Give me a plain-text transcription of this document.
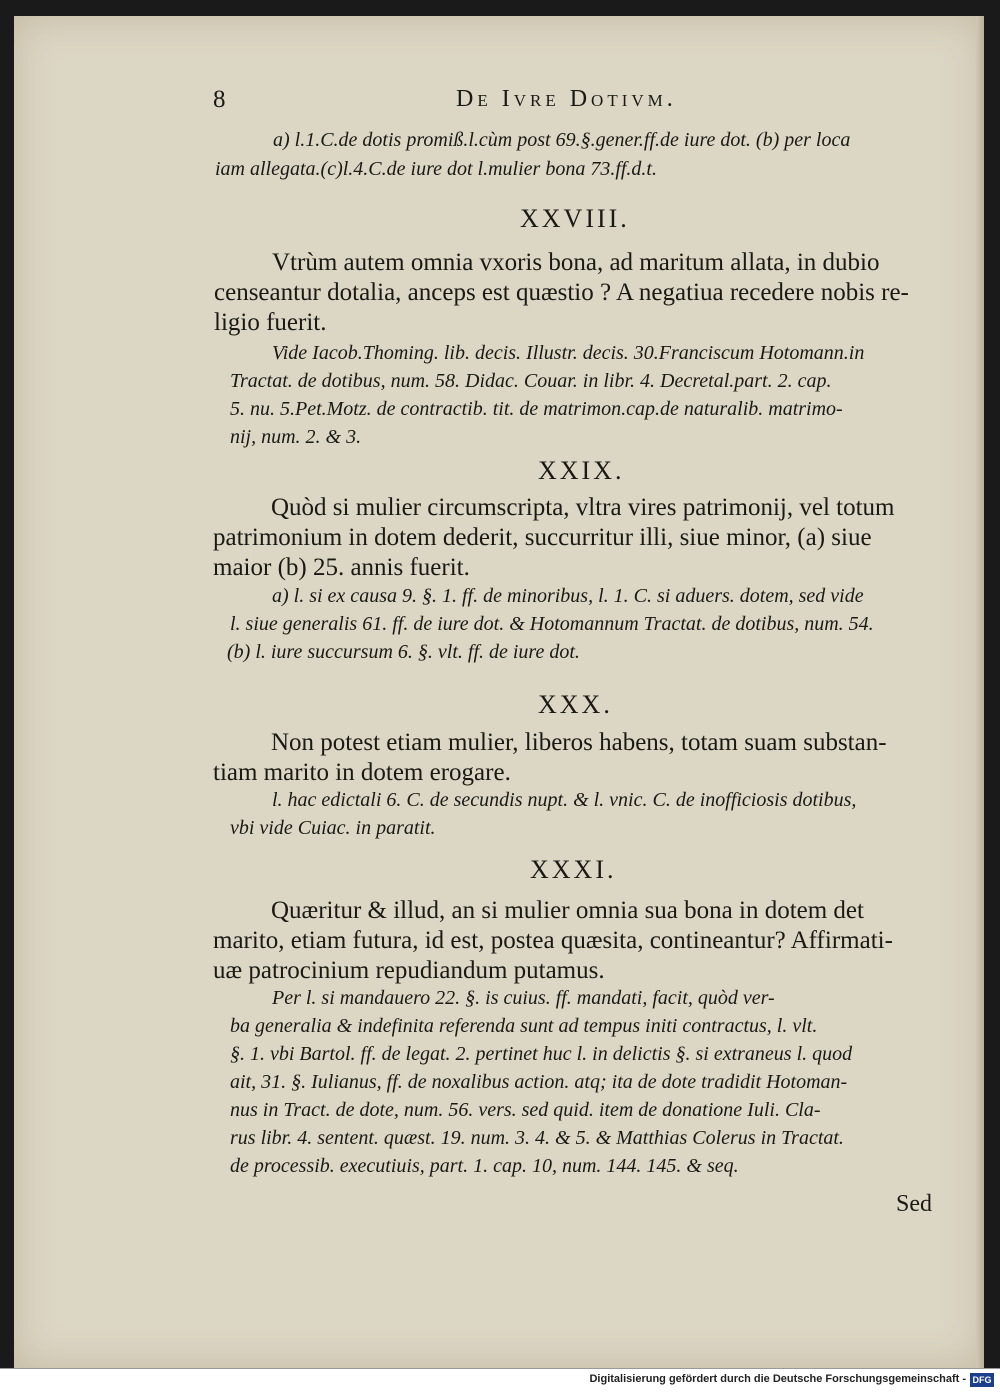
8	De Ivre Dotivm.
a) l.1.C.de dotis promiß.l.cùm post 69.§.gener.ff.de iure dot. (b) per loca
iam allegata.(c)l.4.C.de iure dot l.mulier bona 73.ff.d.t.
XXVIII.
Vtrùm autem omnia vxoris bona, ad maritum allata, in dubio
censeantur dotalia, anceps est quæstio ? A negatiua recedere nobis re-
ligio fuerit.
Vide Iacob.Thoming. lib. decis. Illustr. decis. 30.Franciscum Hotomann.in
Tractat. de dotibus, num. 58. Didac. Couar. in libr. 4. Decretal.part. 2. cap.
5. nu. 5.Pet.Motz. de contractib. tit. de matrimon.cap.de naturalib. matrimo-
nij, num. 2. & 3.
XXIX.
Quòd si mulier circumscripta, vltra vires patrimonij, vel totum
patrimonium in dotem dederit, succurritur illi, siue minor, (a) siue
maior (b) 25. annis fuerit.
a) l. si ex causa 9. §. 1. ff. de minoribus, l. 1. C. si aduers. dotem, sed vide
l. siue generalis 61. ff. de iure dot. & Hotomannum Tractat. de dotibus, num. 54.
(b) l. iure succursum 6. §. vlt. ff. de iure dot.
XXX.
Non potest etiam mulier, liberos habens, totam suam substan-
tiam marito in dotem erogare.
l. hac edictali 6. C. de secundis nupt. & l. vnic. C. de inofficiosis dotibus,
vbi vide Cuiac. in paratit.
XXXI.
Quæritur & illud, an si mulier omnia sua bona in dotem det
marito, etiam futura, id est, postea quæsita, contineantur? Affirmati-
uæ patrocinium repudiandum putamus.
Per l. si mandauero 22. §. is cuius. ff. mandati, facit, quòd ver-
ba generalia & indefinita referenda sunt ad tempus initi contractus, l. vlt.
§. 1. vbi Bartol. ff. de legat. 2. pertinet huc l. in delictis §. si extraneus l. quod
ait, 31. §. Iulianus, ff. de noxalibus action. atq; ita de dote tradidit Hotoman-
nus in Tract. de dote, num. 56. vers. sed quid. item de donatione Iuli. Cla-
rus libr. 4. sentent. quæst. 19. num. 3. 4. & 5. & Matthias Colerus in Tractat.
de processib. executiuis, part. 1. cap. 10, num. 144. 145. & seq.
Sed
Digitalisierung gefördert durch die Deutsche Forschungsgemeinschaft - DFG
